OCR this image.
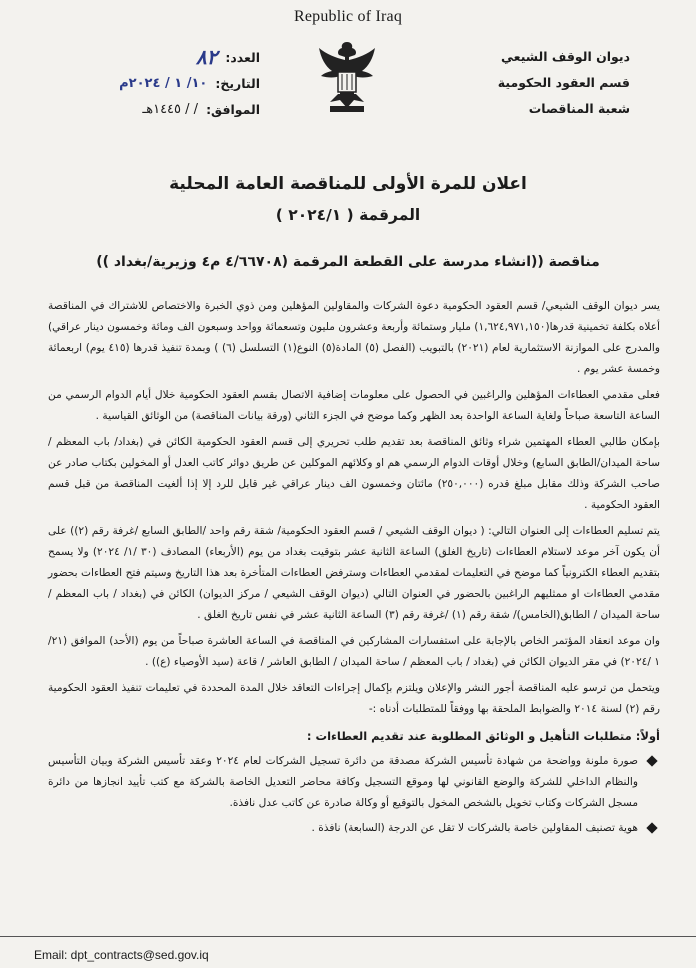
Republic of Iraq
العدد:
٨٢
التاريخ:
١٠/ ١ / ٢٠٢٤م
الموافق:
/ / ١٤٤٥هـ
ديوان الوقف الشيعي
قسم العقود الحكومية
شعبة المناقصات
اعلان للمرة الأولى للمناقصة العامة المحلية
المرقمة ( ٢٠٢٤/١ )
مناقصة ((انشاء مدرسة على القطعة المرقمة (٤/٦٦٧٠٨ م٤ وزيرية/بغداد ))

يسر ديوان الوقف الشيعي/ قسم العقود الحكومية دعوة الشركات والمقاولين المؤهلين ومن ذوي الخبرة والاختصاص للاشتراك في المناقصة أعلاه بكلفة تخمينية قدرها(١,٦٢٤,٩٧١,١٥٠) مليار وستمائة وأربعة وعشرون مليون وتسعمائة وواحد وسبعون الف ومائة وخمسون دينار عراقي) والمدرج على الموازنة الاستثمارية لعام (٢٠٢١) بالتبويب (الفصل (٥) المادة(٥) النوع(١) التسلسل (٦) ) وبمدة تنفيذ قدرها (٤١٥ يوم) اربعمائة وخمسة عشر يوم .

فعلى مقدمي العطاءات المؤهلين والراغبين في الحصول على معلومات إضافية الاتصال بقسم العقود الحكومية خلال أيام الدوام الرسمي من الساعة التاسعة صباحاً ولغاية الساعة الواحدة بعد الظهر وكما موضح في الجزء الثاني (ورقة بيانات المناقصة) من الوثائق القياسية .

بإمكان طالبي العطاء المهتمين شراء وثائق المناقصة بعد تقديم طلب تحريري إلى قسم العقود الحكومية الكائن في (بغداد/ باب المعظم /ساحة الميدان/الطابق السابع) وخلال أوقات الدوام الرسمي هم او وكلائهم الموكلين عن طريق دوائر كاتب العدل أو المخولين بكتاب صادر عن صاحب الشركة وذلك مقابل مبلغ قدره (٢٥٠,٠٠٠) مائتان وخمسون الف دينار عراقي غير قابل للرد إلا إذا ألغيت المناقصة من قبل قسم العقود الحكومية .

يتم تسليم العطاءات إلى العنوان التالي: ( ديوان الوقف الشيعي / قسم العقود الحكومية/ شقة رقم واحد /الطابق السابع /غرفة رقم (٢)) على أن يكون آخر موعد لاستلام العطاءات (تاريخ الغلق) الساعة الثانية عشر بتوقيت بغداد من يوم (الأربعاء) المصادف (٣٠ /١/ ٢٠٢٤) ولا يسمح بتقديم العطاء الكترونياً كما موضح في التعليمات لمقدمي العطاءات وسترفض العطاءات المتأخرة بعد هذا التاريخ وسيتم فتح العطاءات بحضور مقدمي العطاءات او ممثليهم الراغبين بالحضور في العنوان التالي (ديوان الوقف الشيعي / مركز الديوان) الكائن في (بغداد / باب المعظم / ساحة الميدان / الطابق(الخامس)/ شقة رقم (١) /غرفة رقم (٣) الساعة الثانية عشر في نفس تاريخ الغلق .

وان موعد انعقاد المؤتمر الخاص بالإجابة على استفسارات المشاركين في المناقصة في الساعة العاشرة صباحاً من يوم (الأحد) الموافق (٢١/ ١ /٢٠٢٤) في مقر الديوان الكائن في (بغداد / باب المعظم / ساحة الميدان / الطابق العاشر / قاعة (سيد الأوصياء (ع)) .

ويتحمل من ترسو عليه المناقصة أجور النشر والإعلان ويلتزم بإكمال إجراءات التعاقد خلال المدة المحددة في تعليمات تنفيذ العقود الحكومية رقم (٢) لسنة ٢٠١٤ والضوابط الملحقة بها ووفقاً للمتطلبات أدناه :-

أولاً: متطلبات التأهيل و الوثائق المطلوبة عند تقديم العطاءات :
صورة ملونة وواضحة من شهادة تأسيس الشركة مصدقة من دائرة تسجيل الشركات لعام ٢٠٢٤ وعقد تأسيس الشركة وبيان التأسيس والنظام الداخلي للشركة والوضع القانوني لها وموقع التسجيل وكافة محاضر التعديل الخاصة بالشركة مع كتب تأييد انجازها من دائرة مسجل الشركات وكتاب تخويل بالشخص المخول بالتوقيع أو وكالة صادرة عن كاتب عدل نافذة.
هوية تصنيف المقاولين خاصة بالشركات لا تقل عن الدرجة (السابعة) نافذة .
Email: dpt_contracts@sed.gov.iq
